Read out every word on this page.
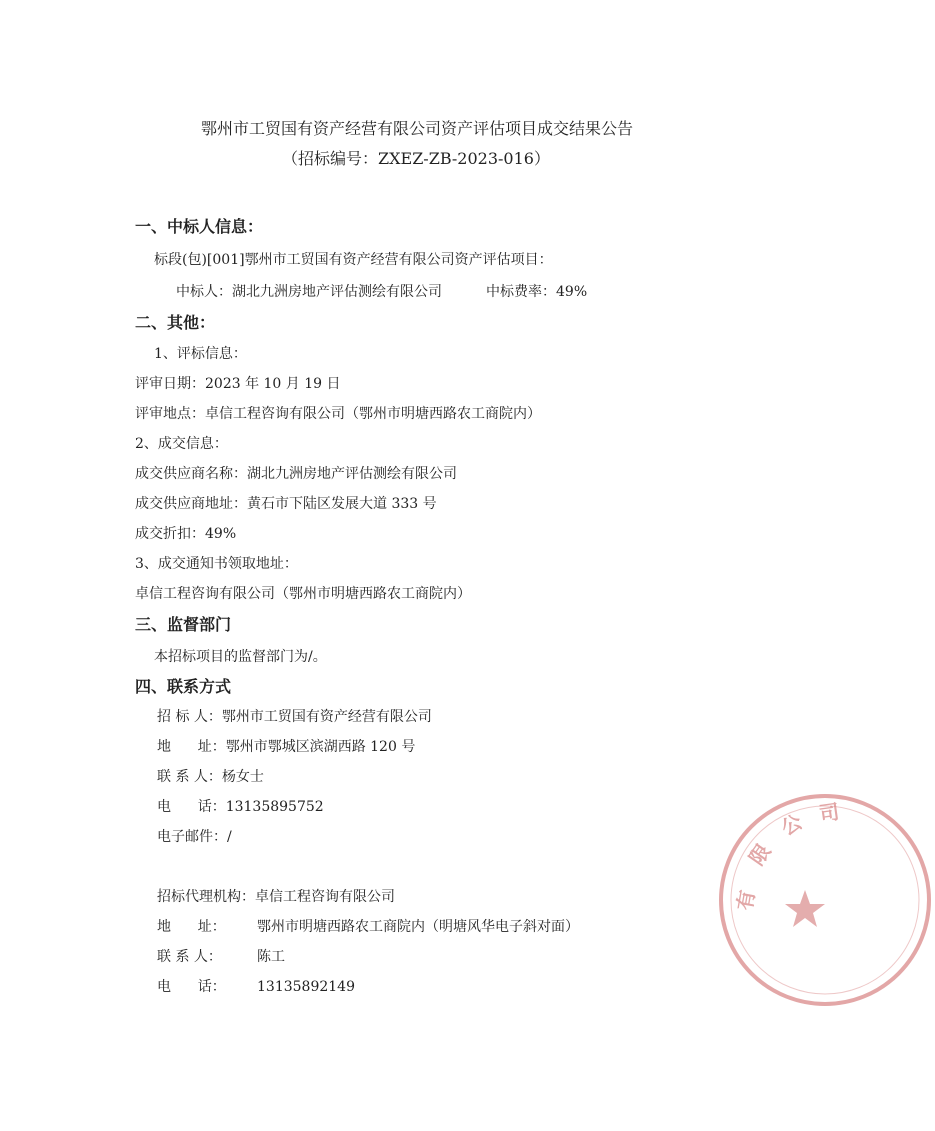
鄂州市工贸国有资产经营有限公司资产评估项目成交结果公告
（招标编号：ZXEZ-ZB-2023-016）
一、中标人信息：
标段(包)[001]鄂州市工贸国有资产经营有限公司资产评估项目：
中标人：湖北九洲房地产评估测绘有限公司	中标费率：49%
二、其他：
1、评标信息：
评审日期：2023 年 10 月 19 日
评审地点：卓信工程咨询有限公司（鄂州市明塘西路农工商院内）
2、成交信息：
成交供应商名称：湖北九洲房地产评估测绘有限公司
成交供应商地址：黄石市下陆区发展大道 333 号
成交折扣：49%
3、成交通知书领取地址：
卓信工程咨询有限公司（鄂州市明塘西路农工商院内）
三、监督部门
本招标项目的监督部门为/。
四、联系方式
招 标 人：鄂州市工贸国有资产经营有限公司
地      址：鄂州市鄂城区滨湖西路 120 号
联 系 人：杨女士
电      话：13135895752
电子邮件：/
招标代理机构：卓信工程咨询有限公司
地      址： 鄂州市明塘西路农工商院内（明塘风华电子斜对面）
联 系 人：	陈工
电      话： 13135892149
有
限
公 司
